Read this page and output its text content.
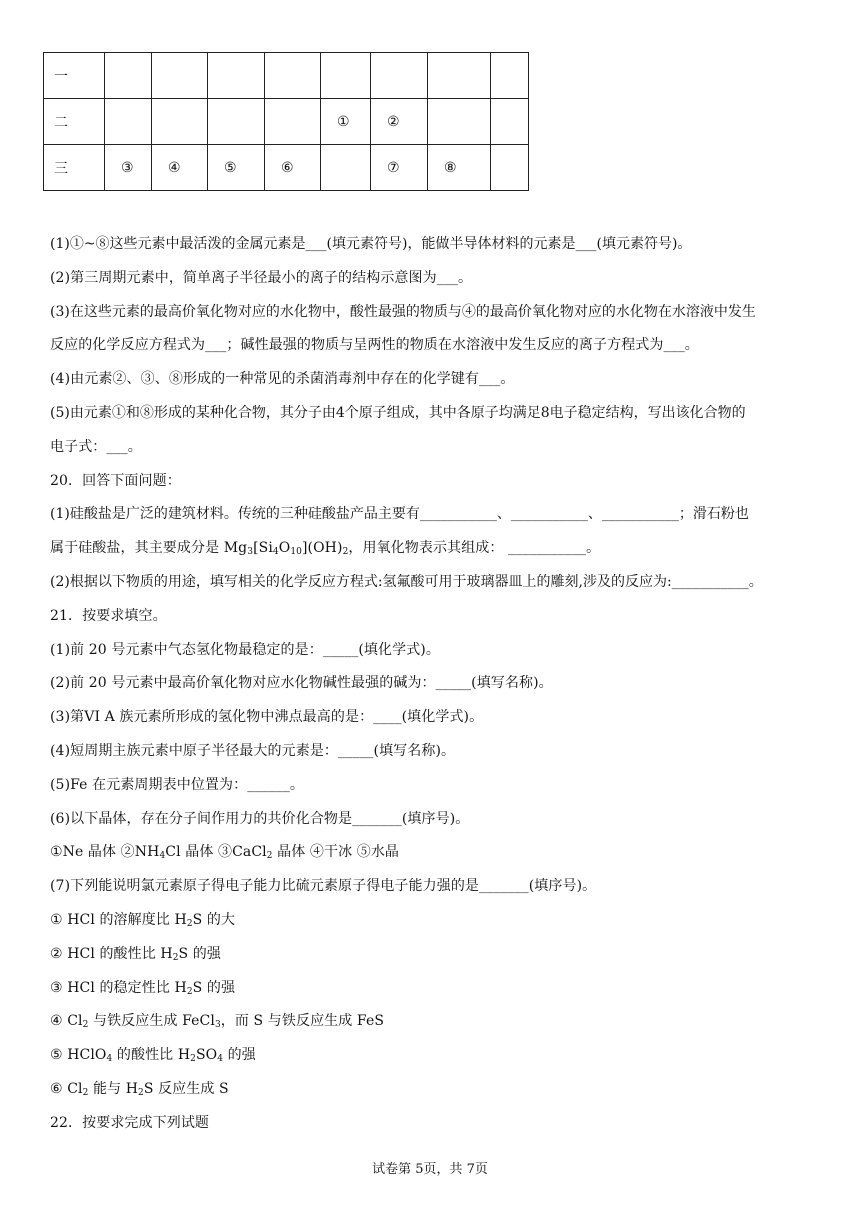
一								
二					①	②		
三	③	④	⑤	⑥		⑦	⑧	
(1)①~⑧这些元素中最活泼的金属元素是___(填元素符号)，能做半导体材料的元素是___(填元素符号)。
(2)第三周期元素中，简单离子半径最小的离子的结构示意图为___。
(3)在这些元素的最高价氧化物对应的水化物中，酸性最强的物质与④的最高价氧化物对应的水化物在水溶液中发生
反应的化学反应方程式为___；碱性最强的物质与呈两性的物质在水溶液中发生反应的离子方程式为___。
(4)由元素②、③、⑧形成的一种常见的杀菌消毒剂中存在的化学键有___。
(5)由元素①和⑧形成的某种化合物，其分子由4个原子组成，其中各原子均满足8电子稳定结构，写出该化合物的
电子式：___。
20．回答下面问题：
(1)硅酸盐是广泛的建筑材料。传统的三种硅酸盐产品主要有___________、___________、___________；滑石粉也
属于硅酸盐，其主要成分是 $Mg_3[Si_4O_{10}](OH)_2$，用氧化物表示其组成： ___________。
(2)根据以下物质的用途，填写相关的化学反应方程式:氢氟酸可用于玻璃器皿上的雕刻,涉及的反应为:___________。
21．按要求填空。
(1)前 20 号元素中气态氢化物最稳定的是：_____(填化学式)。
(2)前 20 号元素中最高价氧化物对应水化物碱性最强的碱为：_____(填写名称)。
(3)第VI A 族元素所形成的氢化物中沸点最高的是：____(填化学式)。
(4)短周期主族元素中原子半径最大的元素是：_____(填写名称)。
(5)Fe 在元素周期表中位置为：______。
(6)以下晶体，存在分子间作用力的共价化合物是_______(填序号)。
①Ne 晶体 $②NH_4Cl$ 晶体 ③CaCl$_2$ 晶体 ④干冰 ⑤水晶
(7)下列能说明氯元素原子得电子能力比硫元素原子得电子能力强的是_______(填序号)。
① HCl 的溶解度比 $H_2S$ 的大
② HCl 的酸性比 $H_2S$ 的强
③ HCl 的稳定性比 $H_2S$ 的强
④ $Cl_2$ 与铁反应生成 FeCl$_3$，而 S 与铁反应生成 FeS
⑤ HClO$_4$ 的酸性比 $H_2SO_4$ 的强
⑥ $Cl_2$ 能与 $H_2S$ 反应生成 S
22．按要求完成下列试题
试卷第 5页，共 7页
